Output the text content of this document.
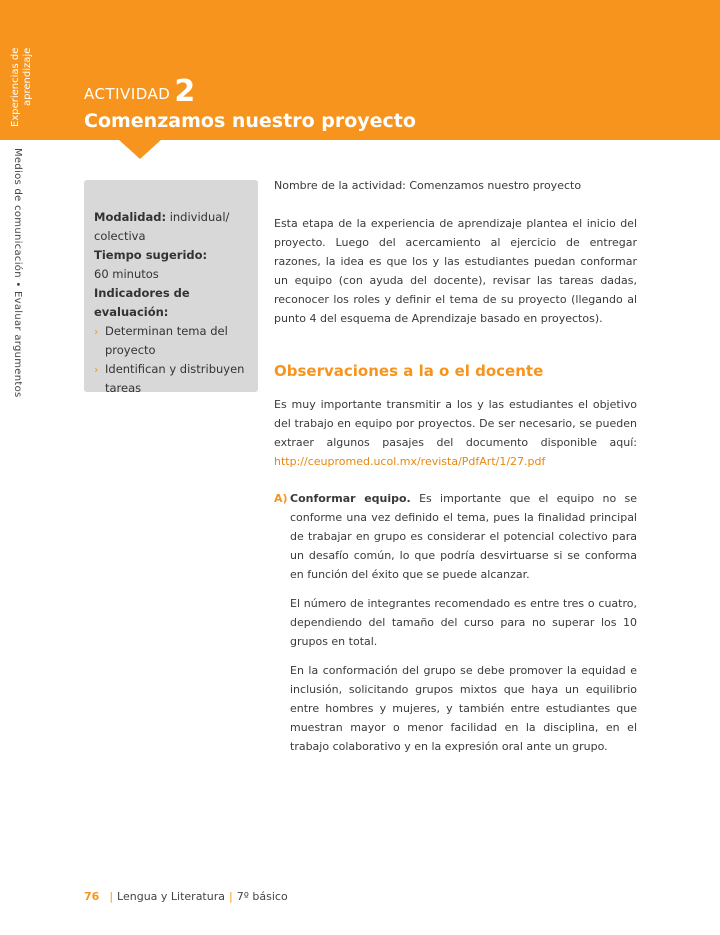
Experiencias de aprendizaje
Medios de comunicación • Evaluar argumentos
ACTIVIDAD 2
Comenzamos nuestro proyecto

Modalidad: individual/ colectiva

Tiempo sugerido:

60 minutos

Indicadores de evaluación:

› Determinan tema del proyecto
› Identifican y distribuyen tareas

Nombre de la actividad: Comenzamos nuestro proyecto

Esta etapa de la experiencia de aprendizaje plantea el inicio del proyecto. Luego del acercamiento al ejercicio de entregar razones, la idea es que los y las estudiantes puedan conformar un equipo (con ayuda del docente), revisar las tareas dadas, reconocer los roles y definir el tema de su proyecto (llegando al punto 4 del esquema de Aprendizaje basado en proyectos).

Observaciones a la o el docente

Es muy importante transmitir a los y las estudiantes el objetivo del trabajo en equipo por proyectos. De ser necesario, se pueden extraer algunos pasajes del documento disponible aquí: http://ceupromed.ucol.mx/revista/PdfArt/1/27.pdf

A) Conformar equipo. Es importante que el equipo no se conforme una vez definido el tema, pues la finalidad principal de trabajar en grupo es considerar el potencial colectivo para un desafío común, lo que podría desvirtuarse si se conforma en función del éxito que se puede alcanzar.

El número de integrantes recomendado es entre tres o cuatro, dependiendo del tamaño del curso para no superar los 10 grupos en total.

En la conformación del grupo se debe promover la equidad e inclusión, solicitando grupos mixtos que haya un equilibrio entre hombres y mujeres, y también entre estudiantes que muestran mayor o menor facilidad en la disciplina, en el trabajo colaborativo y en la expresión oral ante un grupo.

76 | Lengua y Literatura | 7º básico
